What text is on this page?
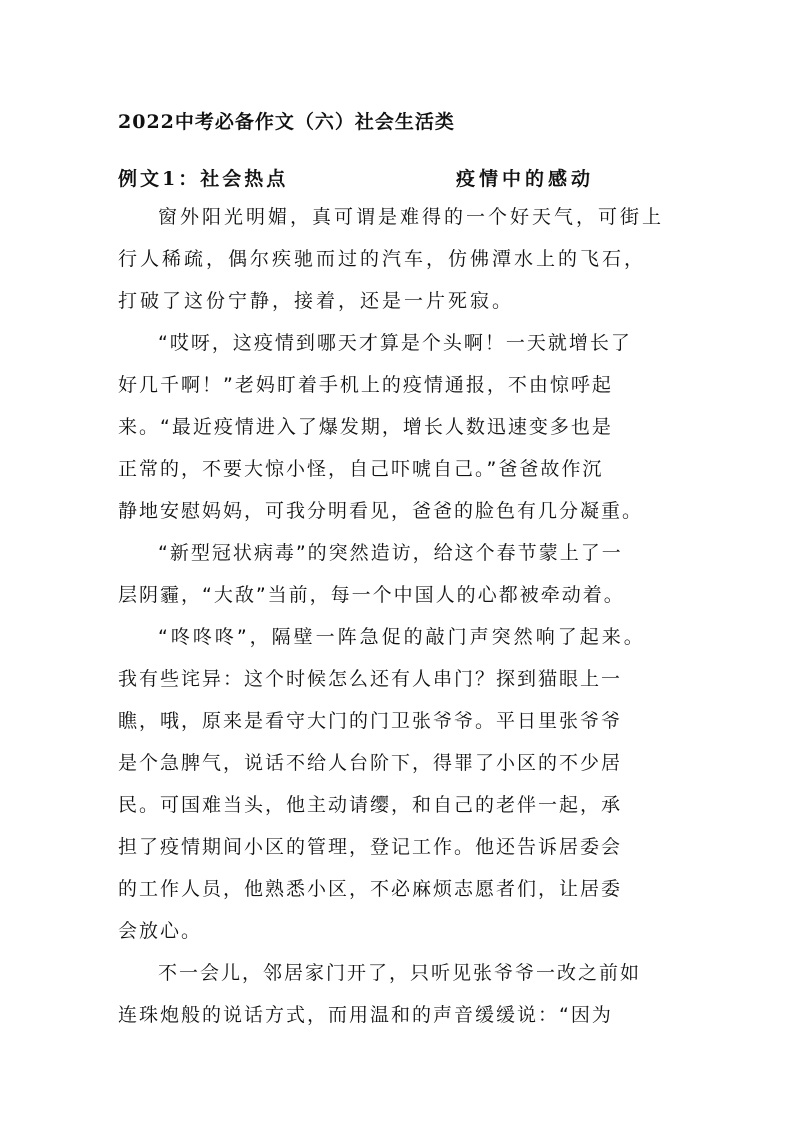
2022中考必备作文（六）社会生活类
例文1：社会热点	疫情中的感动
窗外阳光明媚，真可谓是难得的一个好天气，可街上
行人稀疏，偶尔疾驰而过的汽车，仿佛潭水上的飞石，
打破了这份宁静，接着，还是一片死寂。
“哎呀，这疫情到哪天才算是个头啊！一天就增长了
好几千啊！”老妈盯着手机上的疫情通报，不由惊呼起
来。“最近疫情进入了爆发期，增长人数迅速变多也是
正常的，不要大惊小怪，自己吓唬自己。”爸爸故作沉
静地安慰妈妈，可我分明看见，爸爸的脸色有几分凝重。
“新型冠状病毒”的突然造访，给这个春节蒙上了一
层阴霾，“大敌”当前，每一个中国人的心都被牵动着。
“咚咚咚”，隔壁一阵急促的敲门声突然响了起来。
我有些诧异：这个时候怎么还有人串门？探到猫眼上一
瞧，哦，原来是看守大门的门卫张爷爷。平日里张爷爷
是个急脾气，说话不给人台阶下，得罪了小区的不少居
民。可国难当头，他主动请缨，和自己的老伴一起，承
担了疫情期间小区的管理，登记工作。他还告诉居委会
的工作人员，他熟悉小区，不必麻烦志愿者们，让居委
会放心。
不一会儿，邻居家门开了，只听见张爷爷一改之前如
连珠炮般的说话方式，而用温和的声音缓缓说：“因为
